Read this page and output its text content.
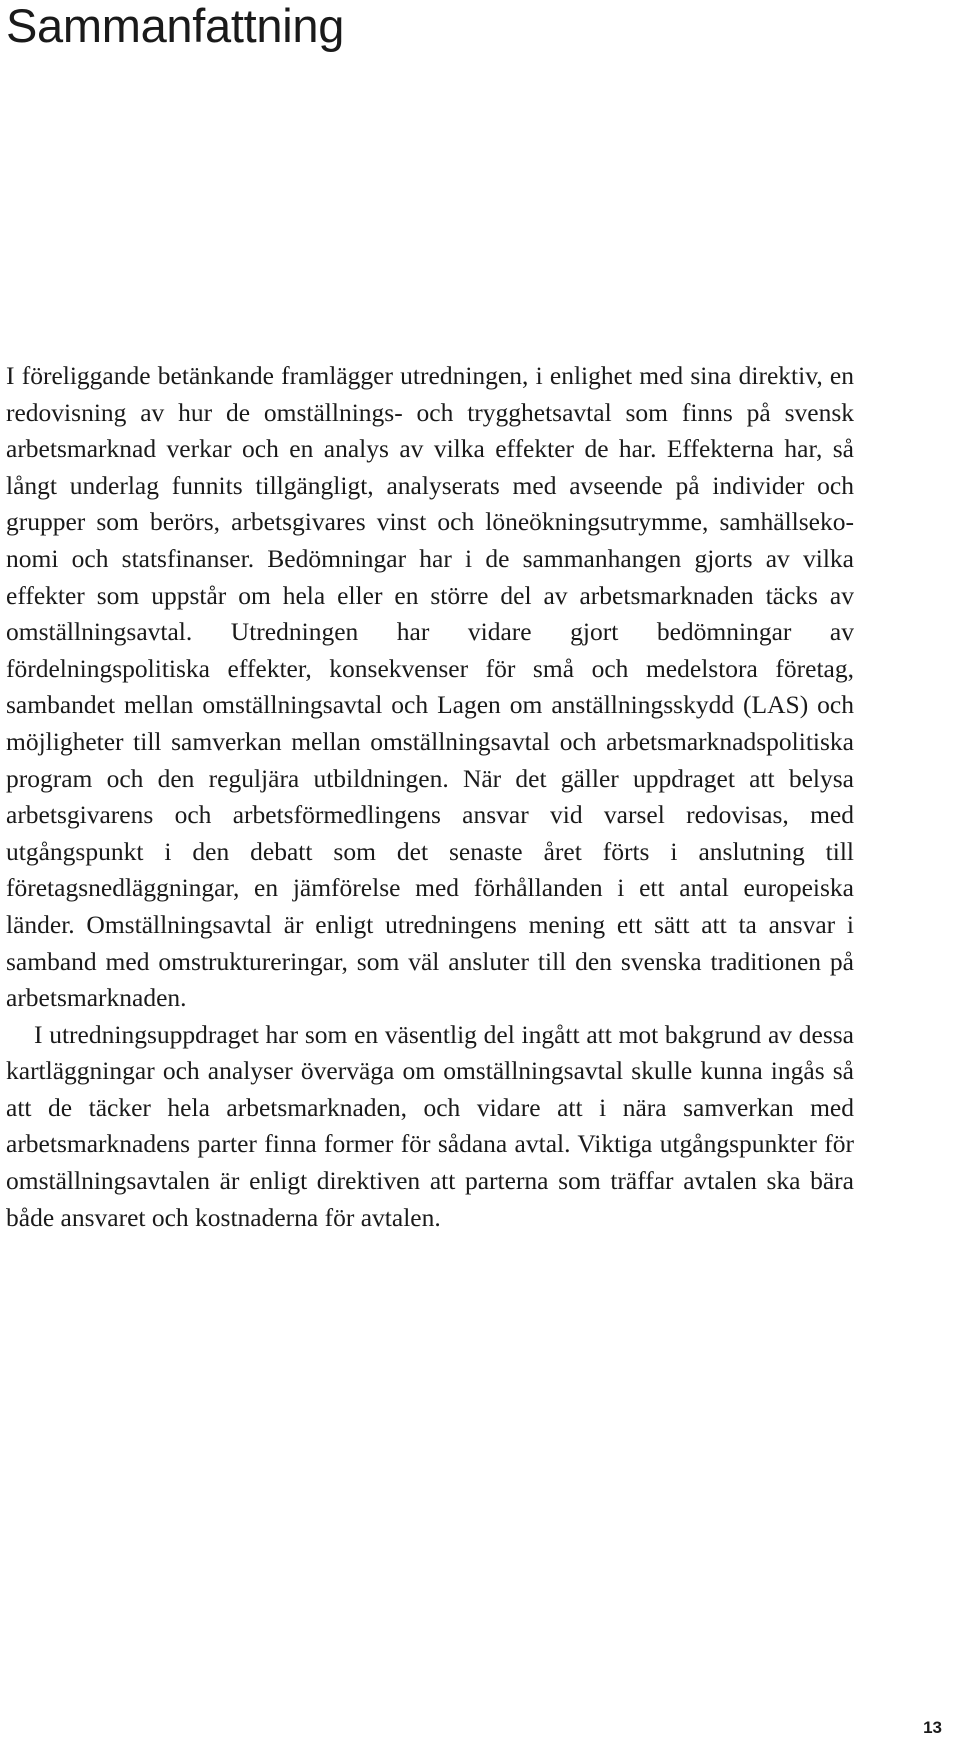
Sammanfattning

I föreliggande betänkande framlägger utredningen, i enlighet med sina direktiv, en redovisning av hur de omställnings- och trygghetsavtal som finns på svensk arbetsmarknad verkar och en analys av vilka effekter de har. Effekterna har, så långt underlag funnits tillgängligt, analyserats med avseende på individer och grupper som berörs, arbetsgivares vinst och löneökningsutrymme, samhällsekonomi och statsfinanser. Bedömningar har i de sammanhangen gjorts av vilka effekter som uppstår om hela eller en större del av arbetsmarknaden täcks av omställningsavtal. Utredningen har vidare gjort bedömningar av fördelningspolitiska effekter, konsekvenser för små och medelstora företag, sambandet mellan omställningsavtal och Lagen om anställningsskydd (LAS) och möjligheter till samverkan mellan omställningsavtal och arbetsmarknadspolitiska program och den reguljära utbildningen. När det gäller uppdraget att belysa arbetsgivarens och arbetsförmedlingens ansvar vid varsel redovisas, med utgångspunkt i den debatt som det senaste året förts i anslutning till företagsnedläggningar, en jämförelse med förhållanden i ett antal europeiska länder. Omställningsavtal är enligt utredningens mening ett sätt att ta ansvar i samband med omstruktureringar, som väl ansluter till den svenska traditionen på arbetsmarknaden.

I utredningsuppdraget har som en väsentlig del ingått att mot bakgrund av dessa kartläggningar och analyser överväga om omställningsavtal skulle kunna ingås så att de täcker hela arbetsmarknaden, och vidare att i nära samverkan med arbetsmarknadens parter finna former för sådana avtal. Viktiga utgångspunkter för omställningsavtalen är enligt direktiven att parterna som träffar avtalen ska bära både ansvaret och kostnaderna för avtalen.

13
